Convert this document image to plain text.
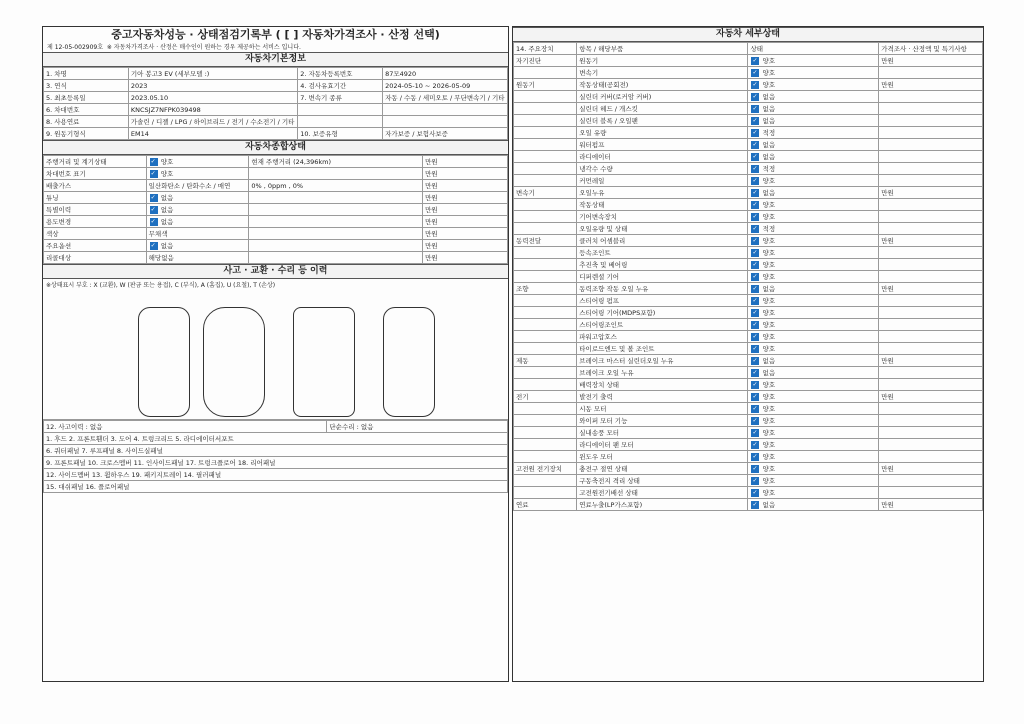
중고자동차성능 · 상태점검기록부 ( [ ] 자동차가격조사 · 산정 선택)
제 12-05-002909호 ※ 자동차가격조사 · 산정은 매수인이 원하는 경우 제공하는 서비스 입니다.
자동차기본정보
1. 차명	기아 봉고3 EV (세부모델 :)	2. 자동차등록번호	87모4920
3. 연식	2023	4. 검사유효기간	2024-05-10 ~ 2026-05-09
5. 최초등록일	2023.05.10	7. 변속기 종류	자동 / 수동 / 세미오토 / 무단변속기 / 기타
6. 차대번호	KNCSJZ7NFPK039498		
8. 사용연료	가솔린 / 디젤 / LPG / 하이브리드 / 전기 / 수소전기 / 기타		
9. 원동기형식	EM14	10. 보증유형	자가보증 / 보험사보증
자동차종합상태
주행거리 및 계기상태	✓ 양호	현재 주행거리 (24,396km)	만원
차대번호 표기	✓ 양호		만원
배출가스	일산화탄소 / 탄화수소 / 매연	0% , 0ppm , 0%	만원
튜닝	✓ 없음		만원
특별이력	✓ 없음		만원
용도변경	✓ 없음		만원
색상	무채색		만원
주요옵션	✓ 없음		만원
리콜대상	해당없음		만원
사고 · 교환 · 수리 등 이력
※상태표시 부호 : X (교환), W (판금 또는 용접), C (부식), A (흠집), U (요철), T (손상)
12. 사고이력 : 없음	단순수리 : 없음
1. 후드 2. 프론트휀더 3. 도어 4. 트렁크리드 5. 라디에이터서포트
6. 쿼터패널 7. 루프패널 8. 사이드실패널
9. 프론트패널 10. 크로스멤버 11. 인사이드패널 17. 트렁크플로어 18. 리어패널
12. 사이드멤버 13. 휠하우스 19. 패키지트레이 14. 필러패널
15. 대쉬패널 16. 플로어패널
자동차 세부상태
14. 주요장치	항목 / 해당부품	상태	가격조사 · 산정액 및 특기사항
자기진단	원동기	✓ 양호	만원
	변속기	✓ 양호	
원동기	작동상태(공회전)	✓ 양호	만원
	실린더 커버(로커암 커버)	✓ 없음	
	실린더 헤드 / 개스킷	✓ 없음	
	실린더 블록 / 오일팬	✓ 없음	
	오일 유량	✓ 적정	
	워터펌프	✓ 없음	
	라디에이터	✓ 없음	
	냉각수 수량	✓ 적정	
	커먼레일	✓ 양호	
변속기	오일누유	✓ 없음	만원
	작동상태	✓ 양호	
	기어변속장치	✓ 양호	
	오일유량 및 상태	✓ 적정	
동력전달	클러치 어셈블리	✓ 양호	만원
	등속조인트	✓ 양호	
	추진축 및 베어링	✓ 양호	
	디퍼렌셜 기어	✓ 양호	
조향	동력조향 작동 오일 누유	✓ 없음	만원
	스티어링 펌프	✓ 양호	
	스티어링 기어(MDPS포함)	✓ 양호	
	스티어링조인트	✓ 양호	
	파워고압호스	✓ 양호	
	타이로드엔드 및 볼 조인트	✓ 양호	
제동	브레이크 마스터 실린더오일 누유	✓ 없음	만원
	브레이크 오일 누유	✓ 없음	
	배력장치 상태	✓ 양호	
전기	발전기 출력	✓ 양호	만원
	시동 모터	✓ 양호	
	와이퍼 모터 기능	✓ 양호	
	실내송풍 모터	✓ 양호	
	라디에이터 팬 모터	✓ 양호	
	윈도우 모터	✓ 양호	
고전원 전기장치	충전구 절연 상태	✓ 양호	만원
	구동축전지 격리 상태	✓ 양호	
	고전원전기배선 상태	✓ 양호	
연료	연료누출(LP가스포함)	✓ 없음	만원
